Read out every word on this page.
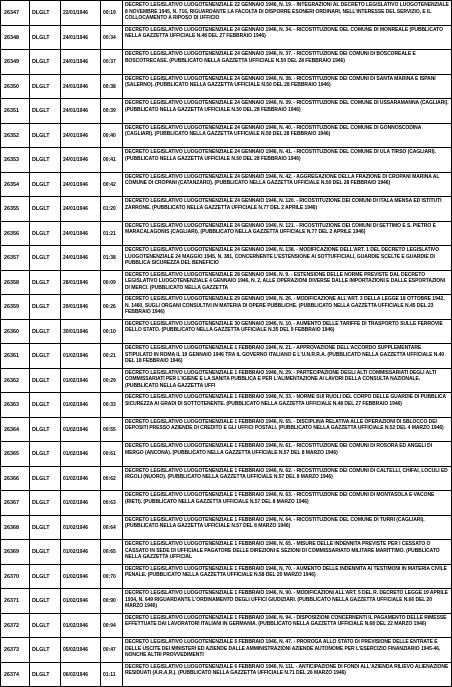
26347	DLGLT	22/01/1946	00:19	DECRETO LEGISLATIVO LUOGOTENENZIALE 22 GENNAIO 1946, N. 19. - INTEGRAZIONI AL DECRETO LEGISLATIVO LUOGOTENENZIALE 8 NOVEMBRE 1945, N. 716, RIGUARDANTE LA FACOLTA DI DISPORRE ESONERI ORDINARI, NELL'INTERESSE DEL SERVIZIO, E IL COLLOCAMENTO A RIPOSO DI UFFICIO
26348	DLGLT	24/01/1946	00:34	DECRETO LEGISLATIVO LUOGOTENENZIALE 24 GENNAIO 1946, N. 34. - RICOSTITUZIONE DEL COMUNE DI MONREALE (PUBBLICATO NELLA GAZZETTA UFFICIALE N.48 DEL 27 FEBBRAIO 1946)
26349	DLGLT	24/01/1946	00:37	DECRETO LEGISLATIVO LUOGOTENENZIALE 24 GENNAIO 1946, N. 37. - RICOSTITUZIONE DEI COMUNI DI BOSCOREALE E BOSCOTRECASE. (PUBBLICATO NELLA GAZZETTA UFFICIALE N.50 DEL 28 FEBBRAIO 1946)
26350	DLGLT	24/01/1946	00:38	DECRETO LEGISLATIVO LUOGOTENENZIALE 24 GENNAIO 1946, N. 38. - RICOSTITUZIONE DEI COMUNI DI SANTA MARINA E ISPANI (SALERNO). (PUBBLICATO NELLA GAZZETTA UFFICIALE N.50 DEL 28 FEBBRAIO 1946)
26351	DLGLT	24/01/1946	00:39	DECRETO LEGISLATIVO LUOGOTENENZIALE 24 GENNAIO 1946, N. 39. - RICOSTITUZIONE DEL COMUNE DI USSARAMANNA (CAGLIARI). (PUBBLICATO NELLA GAZZETTA UFFICIALE N.50 DEL 28 FEBBRAIO 1946)
26352	DLGLT	24/01/1946	00:40	DECRETO LEGISLATIVO LUOGOTENENZIALE 24 GENNAIO 1946, N. 40. - RICOSTITUZIONE DEL COMUNE DI GONNOSCODINA (CAGLIARI). (PUBBLICATO NELLA GAZZETTA UFFICIALE N.50 DEL 28 FEBBRAIO 1946)
26353	DLGLT	24/01/1946	00:41	DECRETO LEGISLATIVO LUOGOTENENZIALE 24 GENNAIO 1946, N. 41. - RICOSTITUZIONE DEL COMUNE DI ULA TIRSO (CAGLIARI). (PUBBLICATO NELLA GAZZETTA UFFICIALE N.50 DEL 28 FEBBRAIO 1946)
26354	DLGLT	24/01/1946	00:42	DECRETO LEGISLATIVO LUOGOTENENZIALE 24 GENNAIO 1946, N. 42. - AGGREGAZIONE DELLA FRAZIONE DI CROPANI MARINA AL COMUNE DI CROPANI (CATANZARO). (PUBBLICATO NELLA GAZZETTA UFFICIALE N.50 DEL 28 FEBBRAIO 1946)
26355	DLGLT	24/01/1946	01:20	DECRETO LEGISLATIVO LUOGOTENENZIALE 24 GENNAIO 1946, N. 120. - RICOSTITUZIONE DEI COMUNI DI ITALA MENSA ED ISTITUTI ZARRONE. (PUBBLICATO NELLA GAZZETTA UFFICIALE N.77 DEL 2 APRILE 1946)
26356	DLGLT	24/01/1946	01:21	DECRETO LEGISLATIVO LUOGOTENENZIALE 24 GENNAIO 1946, N. 121. - RICOSTITUZIONE DEI COMUNI DI SETTIMO E S. PIETRO E MARACALAGONIS (CAGLIARI). (PUBBLICATO NELLA GAZZETTA UFFICIALE N.77 DEL 2 APRILE 1946)
26357	DLGLT	24/01/1946	01:38	DECRETO LEGISLATIVO LUOGOTENENZIALE 24 GENNAIO 1946, N. 138. - MODIFICAZIONE DELL'ART. 1 DEL DECRETO LEGISLATIVO LUOGOTENENZIALE 24 MAGGIO 1945, N. 381, CONCERNENTE L'ESTENSIONE AI SOTTUFFICIALI, GUARDIE SCELTE E GUARDIE DI PUBBLICA SICUREZZA DEL BENEFICIO
26358	DLGLT	28/01/1946	00:09	DECRETO LEGISLATIVO LUOGOTENENZIALE 28 GENNAIO 1946, N. 9. - ESTENSIONE DELLE NORME PREVISTE DAL DECRETO LEGISLATIVO LUOGOTENENZIALE 4 GENNAIO 1946, N. 2, ALLE OPERAZIONI DIVERSE DALLE IMPORTAZIONI E DALLE ESPORTAZIONI DI MERCI. (PUBBLICATO NELLA GAZZETTA
26359	DLGLT	29/01/1946	00:26	DECRETO LEGISLATIVO LUOGOTENENZIALE 29 GENNAIO 1946, N. 26. - MODIFICAZIONE ALL'ART. 3 DELLA LEGGE 18 OTTOBRE 1942, N. 1460, SUGLI ORGANI CONSULTIVI IN MATERIA DI OPERE PUBBLICHE. (PUBBLICATO NELLA GAZZETTA UFFICIALE N.45 DEL 23 FEBBRAIO 1946)
26360	DLGLT	30/01/1946	00:10	DECRETO LEGISLATIVO LUOGOTENENZIALE 30 GENNAIO 1946, N. 10. - AUMENTO DELLE TARIFFE DI TRASPORTO SULLE FERROVIE DELLO STATO. (PUBBLICATO NELLA GAZZETTA UFFICIALE N.35 DEL 9 FEBBRAIO 1946)
26361	DLGLT	01/02/1946	00:21	DECRETO LEGISLATIVO LUOGOTENENZIALE 1 FEBBRAIO 1946, N. 21. - APPROVAZIONE DELL'ACCORDO SUPPLEMENTARE STIPULATO IN ROMA IL 19 GENNAIO 1946 TRA IL GOVERNO ITALIANO E L'U.N.R.R.A. (PUBBLICATO NELLA GAZZETTA UFFICIALE N.40 DEL 18 FEBBRAIO 1946)
26362	DLGLT	01/02/1946	00:29	DECRETO LEGISLATIVO LUOGOTENENZIALE 1 FEBBRAIO 1946, N. 29. - PARTECIPAZIONE DEGLI ALTI COMMISSARIATI DEGLI ALTI COMMISSARIATI PER L'IGIENE E LA SANITA PUBBLICA E PER L'ALIMENTAZIONE AI LAVORI DELLA CONSULTA NAZIONALE. (PUBBLICATO NELLA GAZZETTA UFFI
26363	DLGLT	01/02/1946	00:33	DECRETO LEGISLATIVO LUOGOTENENZIALE 1 FEBBRAIO 1946, N. 33. - NORME SUI RUOLI DEL CORPO DELLE GUARDIE DI PUBBLICA SICUREZZA AI GRADI DI SOTTOTENENTE. (PUBBLICATO NELLA GAZZETTA UFFICIALE N.48 DEL 27 FEBBRAIO 1946)
26364	DLGLT	01/02/1946	00:55	DECRETO LEGISLATIVO LUOGOTENENZIALE 1 FEBBRAIO 1946, N. 55. - DISCIPLINA RELATIVA ALLE OPERAZIONI DI SBLOCCO DEI DEPOSITI PRESSO AZIENDE DI CREDITO E GLI UFFICI POSTALI. (PUBBLICATO NELLA GAZZETTA UFFICIALE N.52 DEL 4 MARZO 1946)
26365	DLGLT	01/02/1946	00:61	DECRETO LEGISLATIVO LUOGOTENENZIALE 1 FEBBRAIO 1946, N. 61. - RICOSTITUZIONE DEI COMUNI DI ROSORA ED ANGELI DI MERGO (ANCONA). (PUBBLICATO NELLA GAZZETTA UFFICIALE N.57 DEL 8 MARZO 1946)
26366	DLGLT	01/02/1946	00:62	DECRETO LEGISLATIVO LUOGOTENENZIALE 1 FEBBRAIO 1946, N. 62. - RICOSTITUZIONE DEI COMUNI DI CALTELLI, CHIFAI, LOCULI ED IRGOLI (NUORO). (PUBBLICATO NELLA GAZZETTA UFFICIALE N.57 DEL 8 MARZO 1946)
26367	DLGLT	01/02/1946	00:63	DECRETO LEGISLATIVO LUOGOTENENZIALE 1 FEBBRAIO 1946, N. 63. - RICOSTITUZIONE DEI COMUNI DI MONTASOLA E VACONE (RIETI). (PUBBLICATO NELLA GAZZETTA UFFICIALE N.57 DEL 8 MARZO 1946)
26368	DLGLT	01/02/1946	00:64	DECRETO LEGISLATIVO LUOGOTENENZIALE 1 FEBBRAIO 1946, N. 64. - RICOSTITUZIONE DEL COMUNE DI TURRI (CAGLIARI). (PUBBLICATO NELLA GAZZETTA UFFICIALE N.57 DEL 8 MARZO 1946)
26369	DLGLT	01/02/1946	00:65	DECRETO LEGISLATIVO LUOGOTENENZIALE 1 FEBBRAIO 1946, N. 65. - MISURE DELLE INDENNITA PREVISTE PER I CESSATO O CASSATO IN SEDE DI UFFICIALE PAGATORE DELLE DIREZIONI E SEZIONI DI COMMISSARIATO MILITARE MARITTIMO. (PUBBLICATO NELLA GAZZETTA UFFICIAL
26370	DLGLT	01/02/1946	00:70	DECRETO LEGISLATIVO LUOGOTENENZIALE 1 FEBBRAIO 1946, N. 70. - AUMENTO DELLE INDENNITA AI TESTIMONI IN MATERIA CIVILE PENALE. (PUBBLICATO NELLA GAZZETTA UFFICIALE N.58 DEL 20 MARZO 1946)
26371	DLGLT	01/02/1946	00:90	DECRETO LEGISLATIVO LUOGOTENENZIALE 1 FEBBRAIO 1946, N. 90. - MODIFICAZIONI ALL'ART. 5 DEL R. DECRETO LEGGE 19 APRILE 1934, N. 649 RIGUARDANTE L'ORDINAMENTO DEGLI UFFICI GIUDIZIARI. (PUBBLICATO NELLA GAZZETTA UFFICIALE N.66 DEL 20 MARZO 1946)
26372	DLGLT	01/02/1946	00:94	DECRETO LEGISLATIVO LUOGOTENENZIALE 1 FEBBRAIO 1946, N. 94. - DISPOSIZIONI CONCERNENTI IL PAGAMENTO DELLE RIMESSE EFFETTUATE DAI LAVORATORI ITALIANI IN GERMANIA. (PUBBLICATO NELLA GAZZETTA UFFICIALE N.68 DEL 22 MARZO 1946)
26373	DLGLT	05/02/1946	00:47	DECRETO LEGISLATIVO LUOGOTENENZIALE 5 FEBBRAIO 1946, N. 47. - PROROGA ALLO STATO DI PREVISIONE DELLE ENTRATE E DELLE USCITE DEI MINISTERI ED AZIENDE DALLE AMMINISTRAZIONI AZIENDE AUTONOME PER L'ESERCIZIO FINANZIARIO 1945-46, NONCHE ALTRI PROVVEDIMENTI
26374	DLGLT	06/02/1946	01:11	DECRETO LEGISLATIVO LUOGOTENENZIALE 6 FEBBRAIO 1946, N. 111. - ANTICIPAZIONE DI FONDI ALL'AZIENDA RILIEVO ALIENAZIONE RESIDUATI (A.R.A.R.). (PUBBLICATO NELLA GAZZETTA UFFICIALE N.71 DEL 26 MARZO 1946)
